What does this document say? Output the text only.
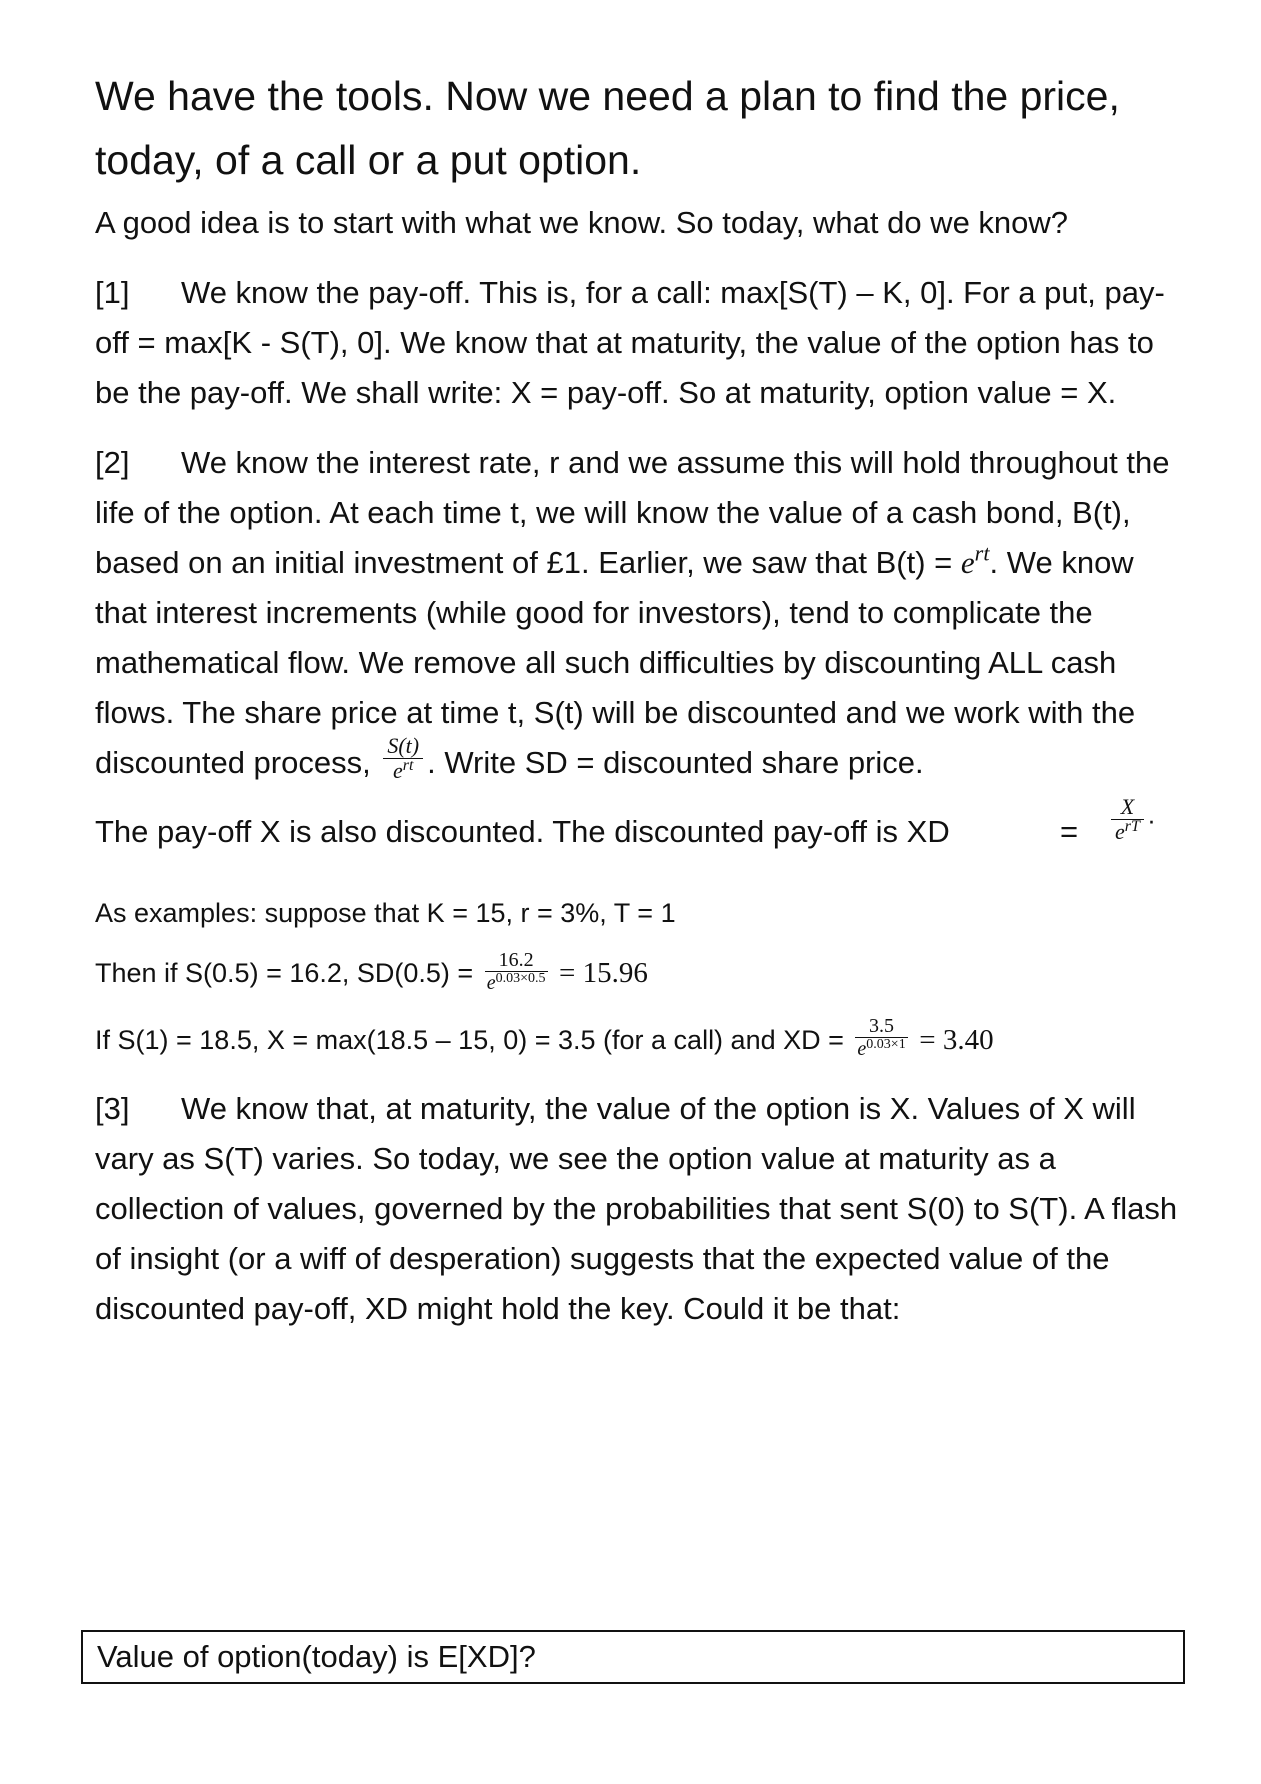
We have the tools. Now we need a plan to find the price, today, of a call or a put option.

A good idea is to start with what we know. So today, what do we know?

[1] We know the pay-off. This is, for a call: max[S(T) – K, 0]. For a put, pay-off = max[K - S(T), 0]. We know that at maturity, the value of the option has to be the pay-off. We shall write: X = pay-off. So at maturity, option value = X.

[2] We know the interest rate, r and we assume this will hold throughout the life of the option. At each time t, we will know the value of a cash bond, B(t), based on an initial investment of £1. Earlier, we saw that $B(t) = e^{rt}$. We know that interest increments (while good for investors), tend to complicate the mathematical flow. We remove all such difficulties by discounting ALL cash flows. The share price at time t, S(t) will be discounted and we work with the discounted process, $\frac{S(t)}{e^{rt}}$ . Write SD = discounted share price.

The pay-off X is also discounted. The discounted pay-off is XD	= $\frac{X}{e^{rT}}$ .

As examples: suppose that K = 15, r = 3%, T = 1

Then if S(0.5) = 16.2, $SD(0.5) = \frac{16.2}{e^{0.03\times 0.5}} = 15.96$

If S(1) = 18.5, X = max(18.5 – 15, 0) = 3.5 (for a call) and XD = $\frac{3.5}{e^{0.03\times 1}} = 3.40$

[3] We know that, at maturity, the value of the option is X. Values of X will vary as S(T) varies. So today, we see the option value at maturity as a collection of values, governed by the probabilities that sent S(0) to S(T). A flash of insight (or a wiff of desperation) suggests that the expected value of the discounted pay-off, XD might hold the key. Could it be that:

Value of option(today) is E[XD]?
